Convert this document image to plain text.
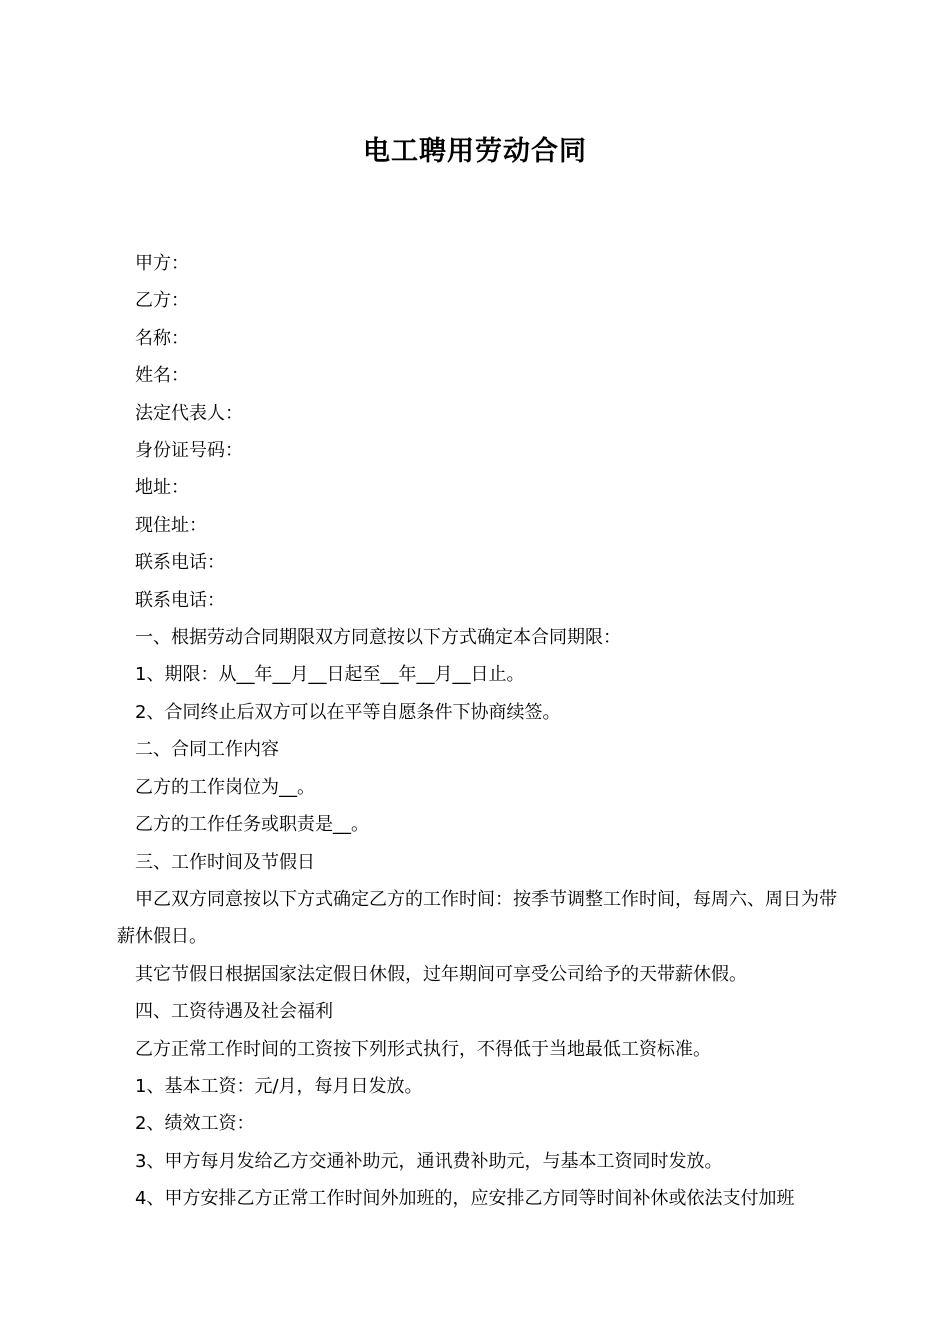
电工聘用劳动合同

甲方：

乙方：

名称：

姓名：

法定代表人：

身份证号码：

地址：

现住址：

联系电话：

联系电话：

一、根据劳动合同期限双方同意按以下方式确定本合同期限：

1、期限：从__年__月__日起至__年__月__日止。

2、合同终止后双方可以在平等自愿条件下协商续签。

二、合同工作内容

乙方的工作岗位为__。

乙方的工作任务或职责是__。

三、工作时间及节假日

甲乙双方同意按以下方式确定乙方的工作时间：按季节调整工作时间，每周六、周日为带薪休假日。

其它节假日根据国家法定假日休假，过年期间可享受公司给予的天带薪休假。

四、工资待遇及社会福利

乙方正常工作时间的工资按下列形式执行，不得低于当地最低工资标准。

1、基本工资：元/月，每月日发放。

2、绩效工资：

3、甲方每月发给乙方交通补助元，通讯费补助元，与基本工资同时发放。

4、甲方安排乙方正常工作时间外加班的，应安排乙方同等时间补休或依法支付加班
